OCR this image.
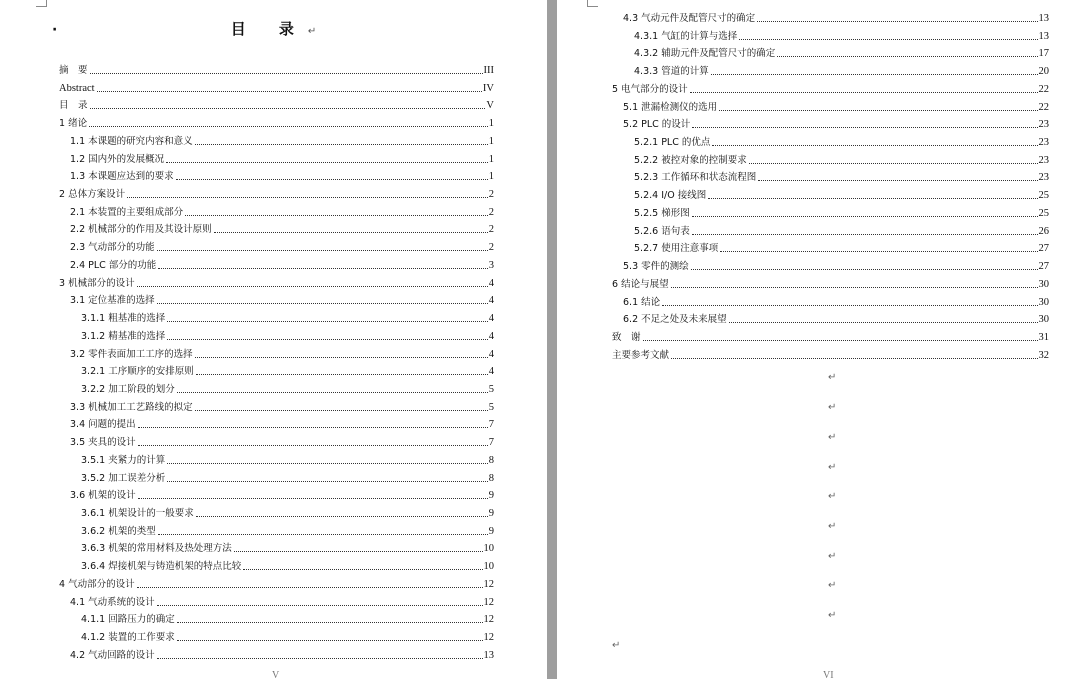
·	目 录↵
摘　要	III
Abstract	IV
目　录	V
1 绪论	1
1.1 本课题的研究内容和意义	1
1.2 国内外的发展概况	1
1.3 本课题应达到的要求	1
2 总体方案设计	2
2.1 本装置的主要组成部分	2
2.2 机械部分的作用及其设计原则	2
2.3 气动部分的功能	2
2.4 PLC 部分的功能	3
3 机械部分的设计	4
3.1 定位基准的选择	4
3.1.1 粗基准的选择	4
3.1.2 精基准的选择	4
3.2 零件表面加工工序的选择	4
3.2.1 工序顺序的安排原则	4
3.2.2 加工阶段的划分	5
3.3 机械加工工艺路线的拟定	5
3.4 问题的提出	7
3.5 夹具的设计	7
3.5.1 夹紧力的计算	8
3.5.2 加工误差分析	8
3.6 机架的设计	9
3.6.1 机架设计的一般要求	9
3.6.2 机架的类型	9
3.6.3 机架的常用材料及热处理方法	10
3.6.4 焊接机架与铸造机架的特点比较	10
4 气动部分的设计	12
4.1 气动系统的设计	12
4.1.1 回路压力的确定	12
4.1.2 装置的工作要求	12
4.2 气动回路的设计	13
V
4.3 气动元件及配管尺寸的确定	13
4.3.1 气缸的计算与选择	13
4.3.2 辅助元件及配管尺寸的确定	17
4.3.3 管道的计算	20
5 电气部分的设计	22
5.1 泄漏检测仪的选用	22
5.2 PLC 的设计	23
5.2.1 PLC 的优点	23
5.2.2 被控对象的控制要求	23
5.2.3 工作循环和状态流程图	23
5.2.4 I/O 接线图	25
5.2.5 梯形图	25
5.2.6 语句表	26
5.2.7 使用注意事项	27
5.3 零件的测绘	27
6 结论与展望	30
6.1 结论	30
6.2 不足之处及未来展望	30
致　谢	31
主要参考文献	32
↵
↵
↵
↵
↵
↵
↵
↵
↵
↵
VI
